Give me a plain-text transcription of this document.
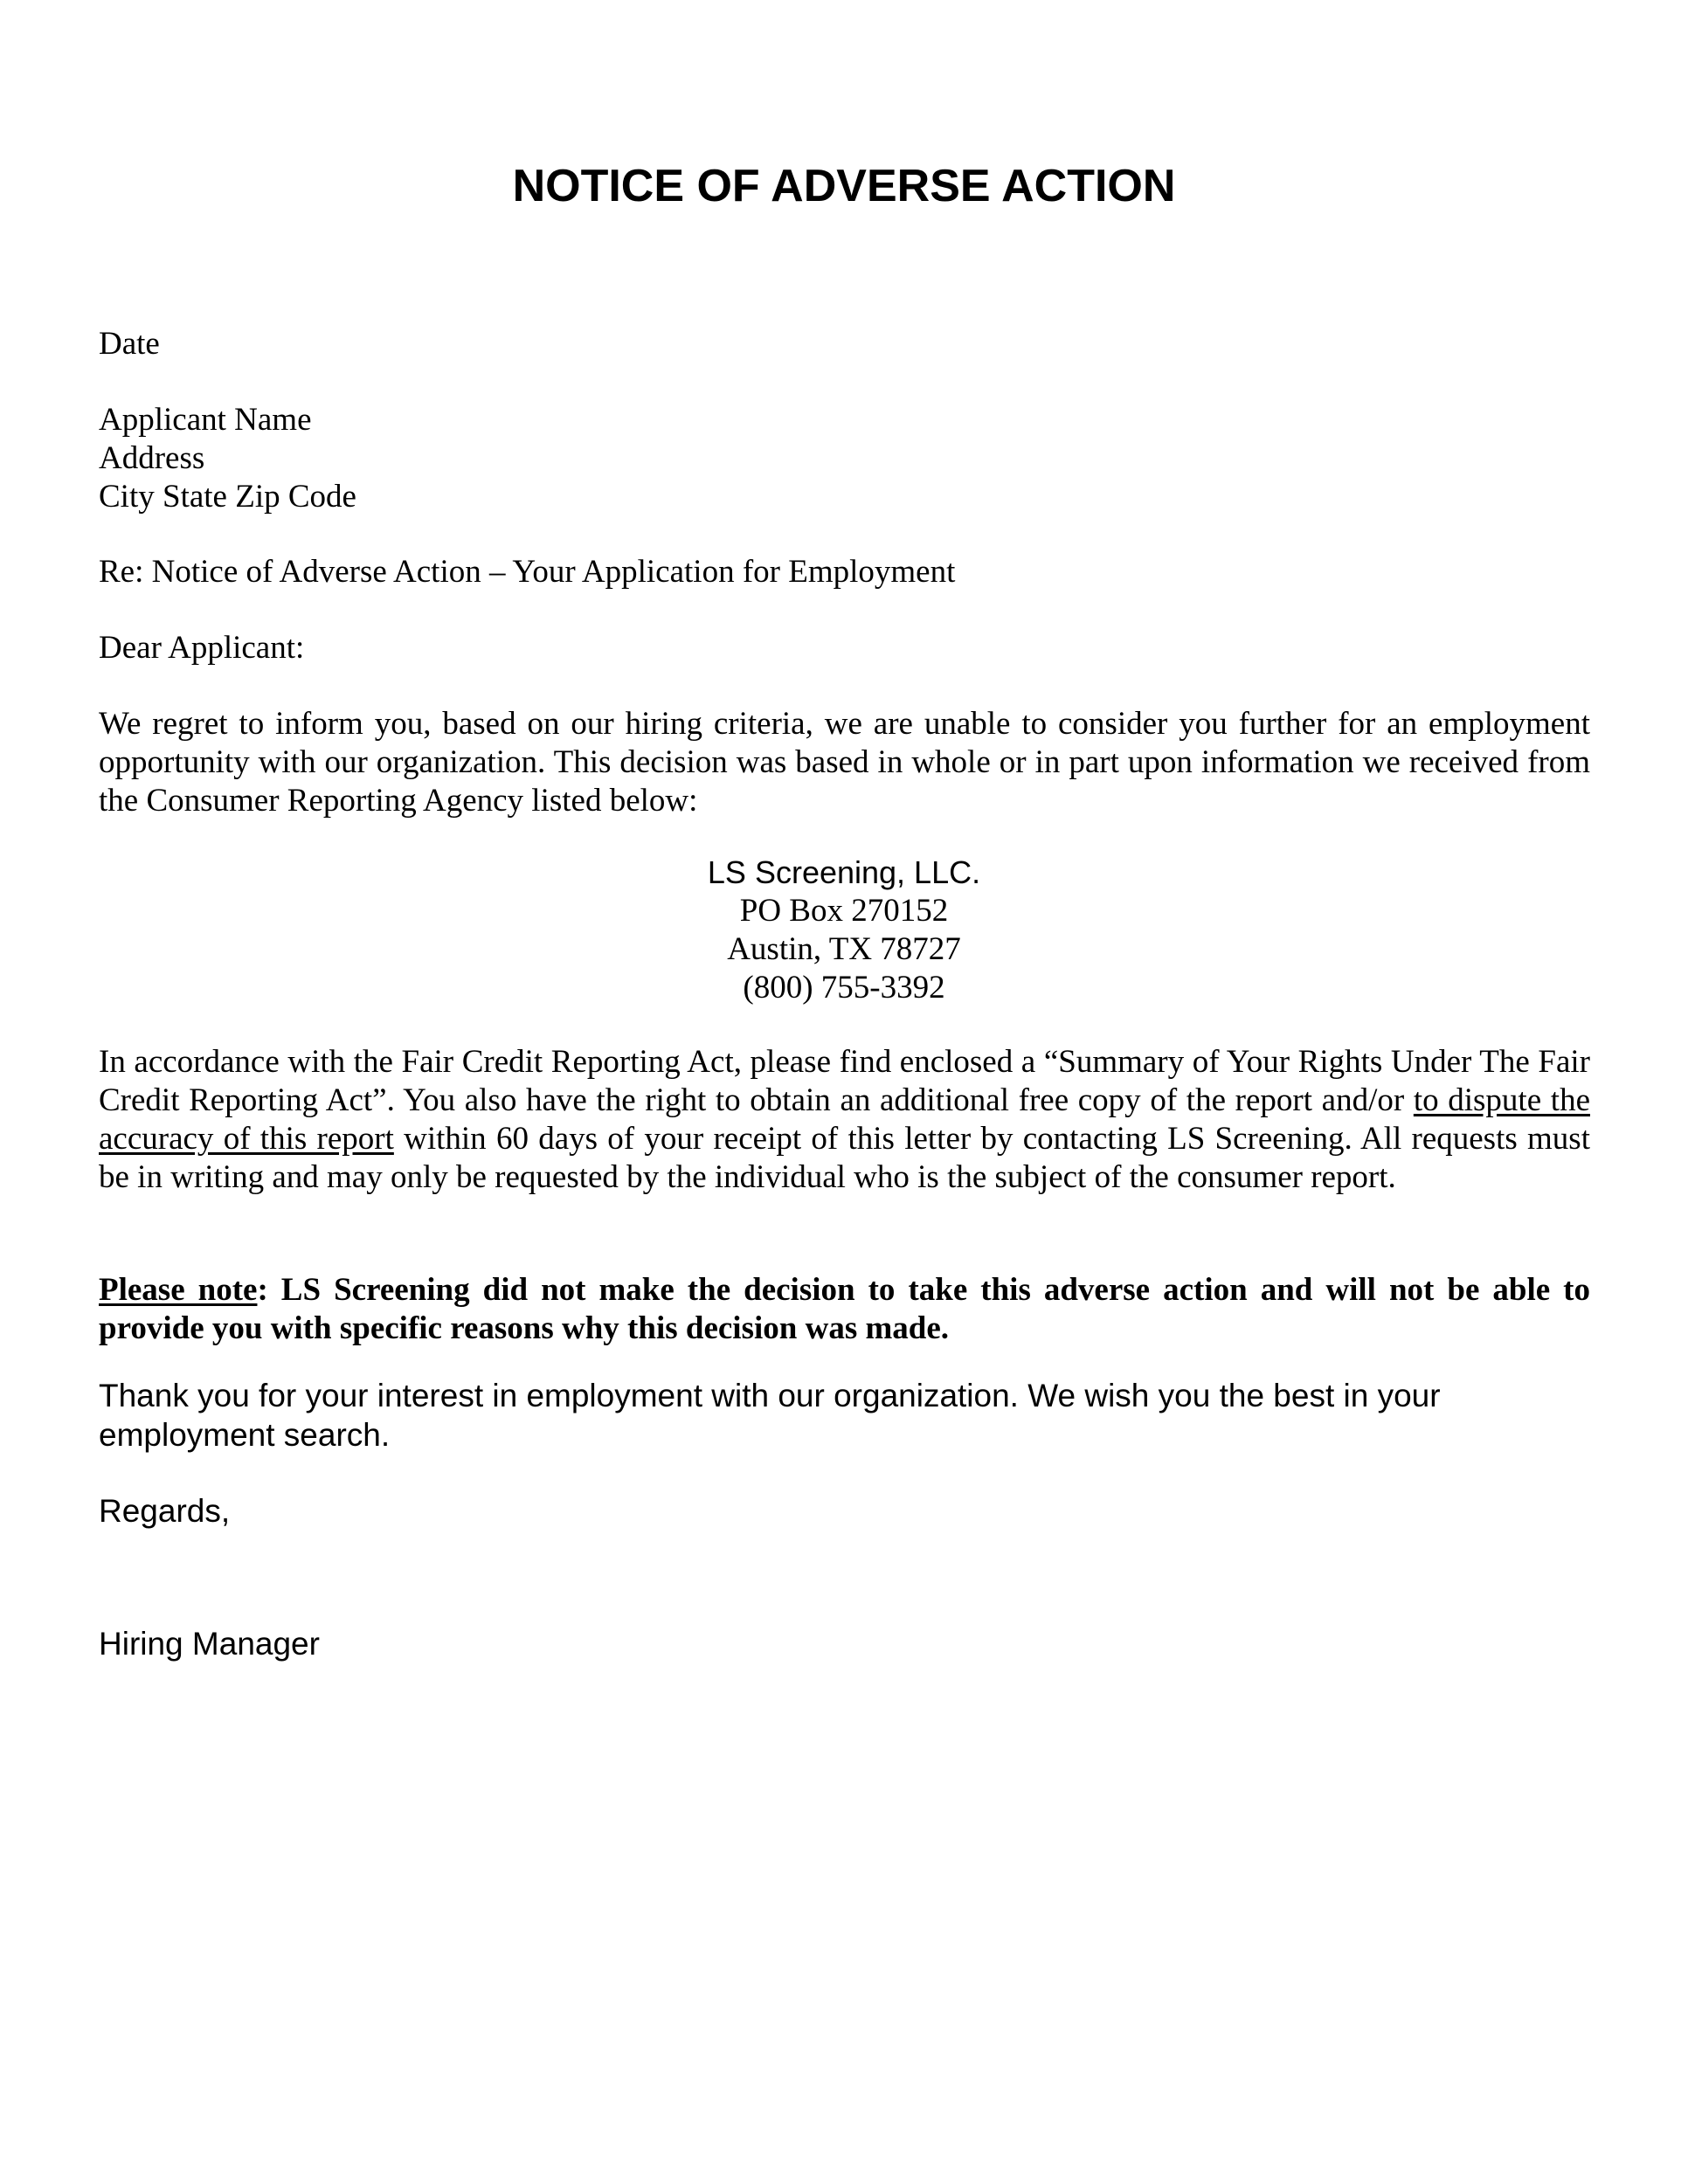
NOTICE OF ADVERSE ACTION

Date

Applicant Name
Address
City State Zip Code

Re: Notice of Adverse Action – Your Application for Employment

Dear Applicant:

We regret to inform you, based on our hiring criteria, we are unable to consider you further for an employment opportunity with our organization. This decision was based in whole or in part upon information we received from the Consumer Reporting Agency listed below:

LS Screening, LLC.
PO Box 270152
Austin, TX 78727
(800) 755-3392

In accordance with the Fair Credit Reporting Act, please find enclosed a “Summary of Your Rights Under The Fair Credit Reporting Act”. You also have the right to obtain an additional free copy of the report and/or to dispute the accuracy of this report within 60 days of your receipt of this letter by contacting LS Screening. All requests must be in writing and may only be requested by the individual who is the subject of the consumer report.

Please note: LS Screening did not make the decision to take this adverse action and will not be able to provide you with specific reasons why this decision was made.

Thank you for your interest in employment with our organization. We wish you the best in your
employment search.

Regards,

Hiring Manager
